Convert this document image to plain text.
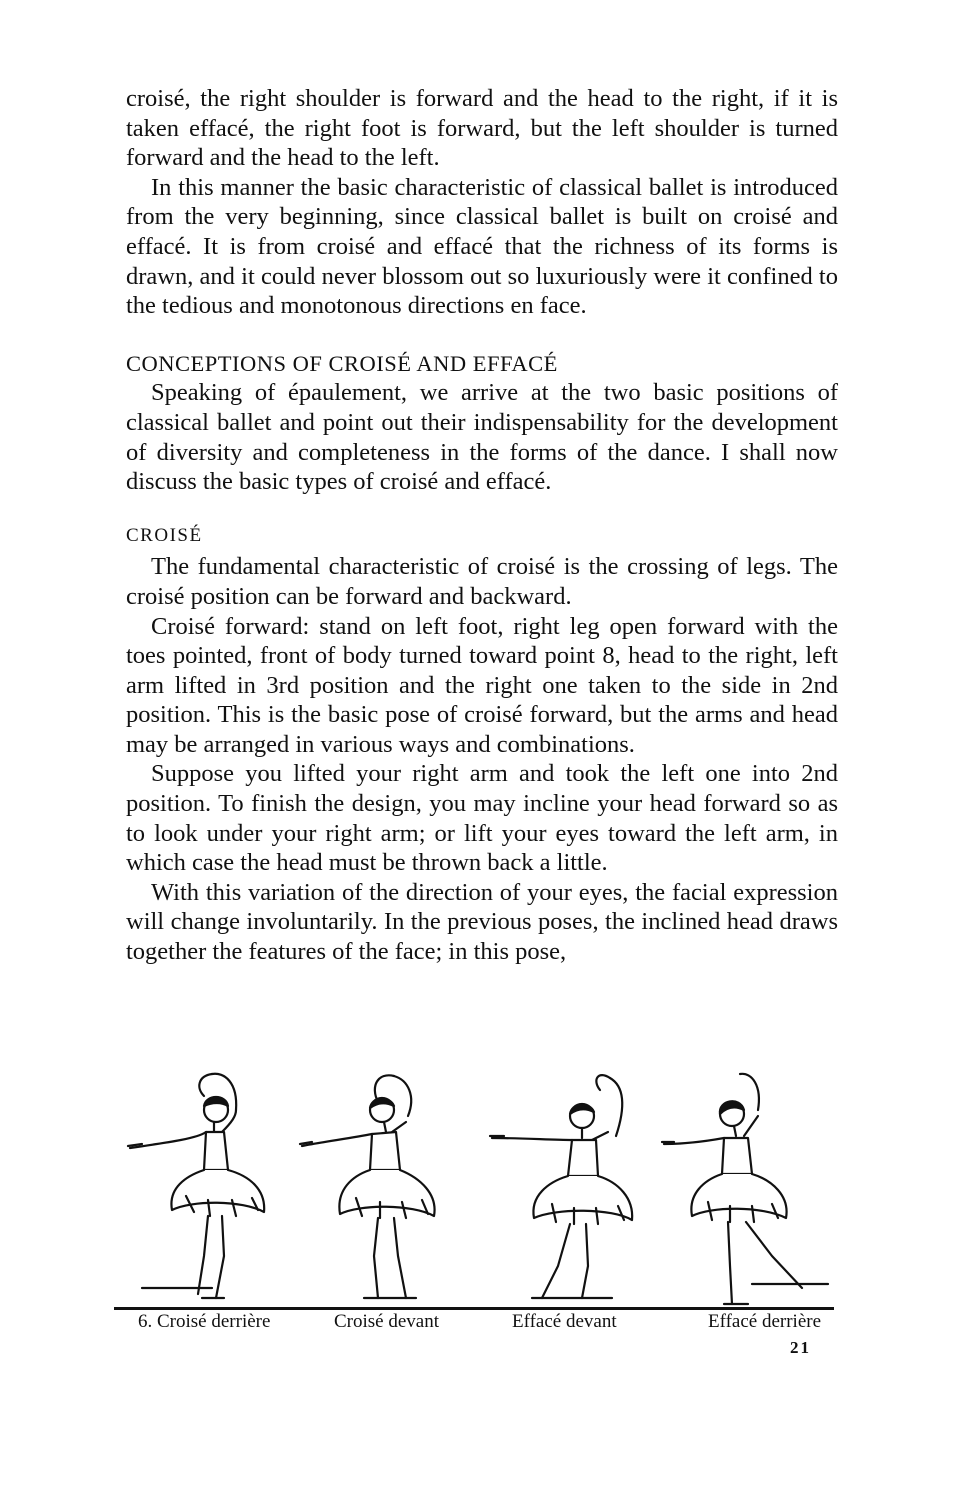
croisé, the right shoulder is forward and the head to the right, if it is taken effacé, the right foot is forward, but the left shoulder is turned forward and the head to the left.

In this manner the basic characteristic of classical ballet is introduced from the very beginning, since classical ballet is built on croisé and effacé. It is from croisé and effacé that the richness of its forms is drawn, and it could never blossom out so luxuriously were it confined to the tedious and monotonous directions en face.

CONCEPTIONS OF CROISÉ AND EFFACÉ

Speaking of épaulement, we arrive at the two basic positions of classical ballet and point out their indispensability for the development of diversity and completeness in the forms of the dance. I shall now discuss the basic types of croisé and effacé.

CROISÉ

The fundamental characteristic of croisé is the crossing of legs. The croisé position can be forward and backward.

Croisé forward: stand on left foot, right leg open forward with the toes pointed, front of body turned toward point 8, head to the right, left arm lifted in 3rd position and the right one taken to the side in 2nd position. This is the basic pose of croisé forward, but the arms and head may be arranged in various ways and combinations.

Suppose you lifted your right arm and took the left one into 2nd position. To finish the design, you may incline your head forward so as to look under your right arm; or lift your eyes toward the left arm, in which case the head must be thrown back a little.

With this variation of the direction of your eyes, the facial expression will change involuntarily. In the previous poses, the inclined head draws together the features of the face; in this pose,

6. Croisé derrière	Croisé devant	Effacé devant	Effacé derrière
21
